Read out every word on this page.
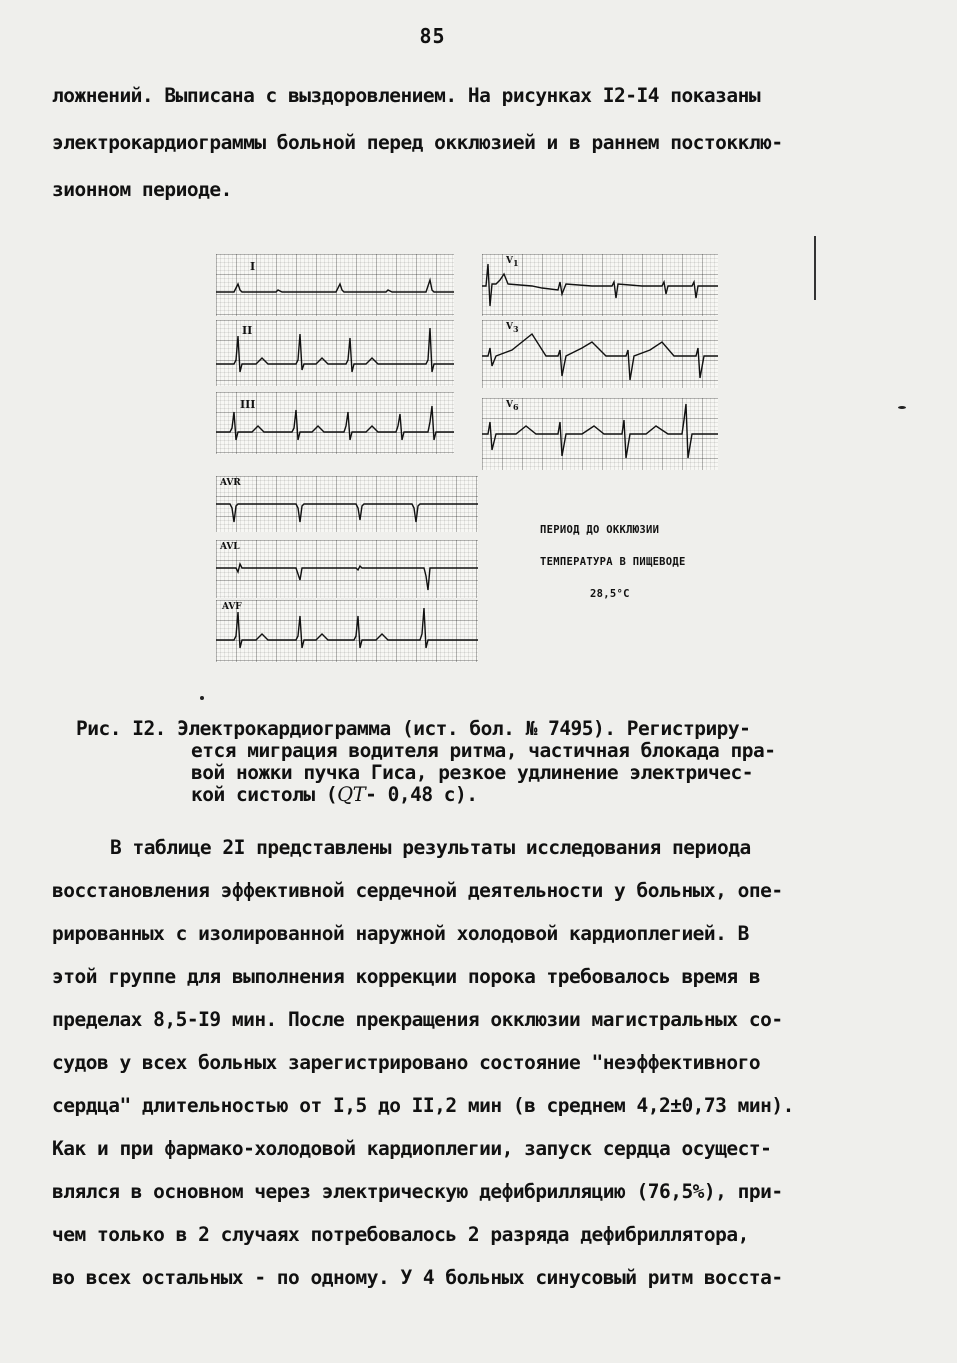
85
ложнений. Выписана с выздоровлением. На рисунках I2-I4 показаны
электрокардиограммы больной перед окклюзией и в раннем постокклю-
зионном периоде.
I
II
III
AVR
AVL
AVF
$V_1$
$V_3$
$V_6$
ПЕРИОД ДО ОККЛЮЗИИ
ТЕМПЕРАТУРА В ПИЩЕВОДЕ
28,5°С
Рис. I2. Электрокардиограмма (ист. бол. № 7495). Регистриру-
ется миграция водителя ритма, частичная блокада пра-
вой ножки пучка Гиса, резкое удлинение электричес-
кой систолы (QT- 0,48 с).
В таблице 2I представлены результаты исследования периода
восстановления эффективной сердечной деятельности у больных, опе-
рированных с изолированной наружной холодовой кардиоплегией. В
этой группе для выполнения коррекции порока требовалось время в
пределах 8,5-I9 мин. После прекращения окклюзии магистральных со-
судов у всех больных зарегистрировано состояние "неэффективного
сердца" длительностью от I,5 до II,2 мин (в среднем 4,2±0,73 мин).
Как и при фармако-холодовой кардиоплегии, запуск сердца осущест-
влялся в основном через электрическую дефибрилляцию (76,5%), при-
чем только в 2 случаях потребовалось 2 разряда дефибриллятора,
во всех остальных - по одному. У 4 больных синусовый ритм восста-
